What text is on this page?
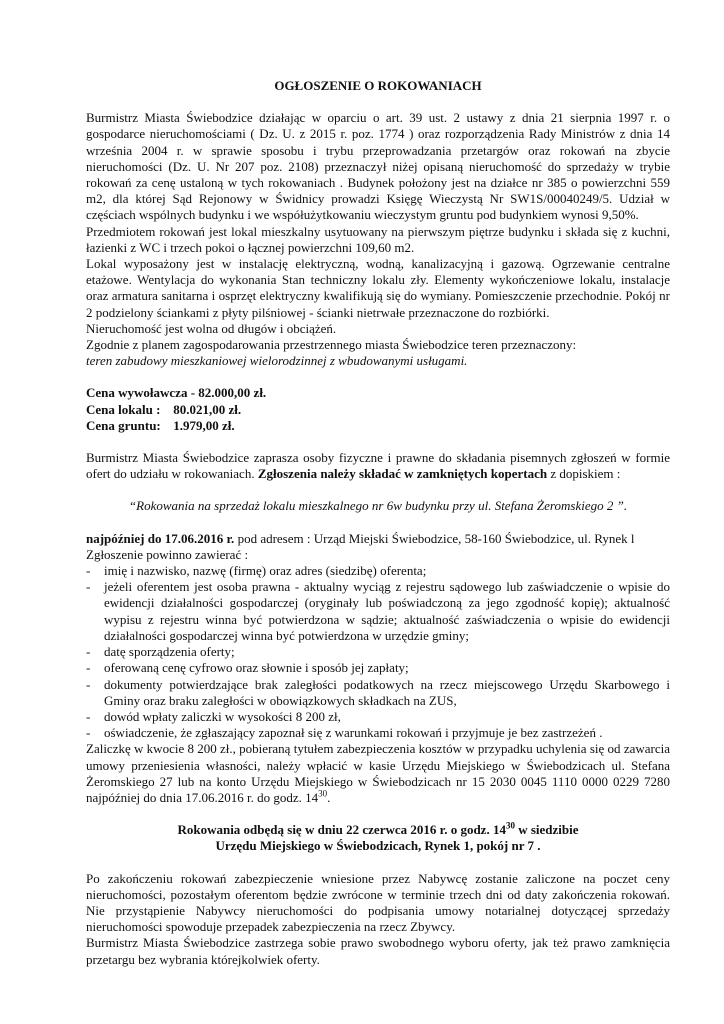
OGŁOSZENIE O ROKOWANIACH

Burmistrz Miasta Świebodzice działając w oparciu o art. 39 ust. 2 ustawy z dnia 21 sierpnia 1997 r. o gospodarce nieruchomościami ( Dz. U. z 2015 r. poz. 1774 ) oraz rozporządzenia Rady Ministrów z dnia 14 września 2004 r. w sprawie sposobu i trybu przeprowadzania przetargów oraz rokowań na zbycie nieruchomości (Dz. U. Nr 207 poz. 2108) przeznaczył niżej opisaną nieruchomość do sprzedaży w trybie rokowań za cenę ustaloną w tych rokowaniach . Budynek położony jest na działce nr 385 o powierzchni 559 m2, dla której Sąd Rejonowy w Świdnicy prowadzi Księgę Wieczystą Nr SW1S/00040249/5. Udział w częściach wspólnych budynku i we współużytkowaniu wieczystym gruntu pod budynkiem wynosi 9,50%.

Przedmiotem rokowań jest lokal mieszkalny usytuowany na pierwszym piętrze budynku i składa się z kuchni, łazienki z WC i trzech pokoi o łącznej powierzchni 109,60 m2.

Lokal wyposażony jest w instalację elektryczną, wodną, kanalizacyjną i gazową. Ogrzewanie centralne etażowe. Wentylacja do wykonania Stan techniczny lokalu zły. Elementy wykończeniowe lokalu, instalacje oraz armatura sanitarna i osprzęt elektryczny kwalifikują się do wymiany. Pomieszczenie przechodnie. Pokój nr 2 podzielony ściankami z płyty pilśniowej - ścianki nietrwałe przeznaczone do rozbiórki.

Nieruchomość jest wolna od długów i obciążeń.

Zgodnie z planem zagospodarowania przestrzennego miasta Świebodzice teren przeznaczony:

teren zabudowy mieszkaniowej wielorodzinnej z wbudowanymi usługami.

Cena wywoławcza - 82.000,00 zł.
Cena lokalu : 80.021,00 zł.
Cena gruntu: 1.979,00 zł.

Burmistrz Miasta Świebodzice zaprasza osoby fizyczne i prawne do składania pisemnych zgłoszeń w formie ofert do udziału w rokowaniach. Zgłoszenia należy składać w zamkniętych kopertach z dopiskiem :

“Rokowania na sprzedaż lokalu mieszkalnego nr 6w budynku przy ul. Stefana Żeromskiego 2 ”.

najpóźniej do 17.06.2016 r. pod adresem : Urząd Miejski Świebodzice, 58-160 Świebodzice, ul. Rynek l

Zgłoszenie powinno zawierać :

- imię i nazwisko, nazwę (firmę) oraz adres (siedzibę) oferenta;
- jeżeli oferentem jest osoba prawna - aktualny wyciąg z rejestru sądowego lub zaświadczenie o wpisie do ewidencji działalności gospodarczej (oryginały lub poświadczoną za jego zgodność kopię); aktualność wypisu z rejestru winna być potwierdzona w sądzie; aktualność zaświadczenia o wpisie do ewidencji działalności gospodarczej winna być potwierdzona w urzędzie gminy;
- datę sporządzenia oferty;
- oferowaną cenę cyfrowo oraz słownie i sposób jej zapłaty;
- dokumenty potwierdzające brak zaległości podatkowych na rzecz miejscowego Urzędu Skarbowego i Gminy oraz braku zaległości w obowiązkowych składkach na ZUS,
- dowód wpłaty zaliczki w wysokości 8 200 zł,
- oświadczenie, że zgłaszający zapoznał się z warunkami rokowań i przyjmuje je bez zastrzeżeń .

Zaliczkę w kwocie 8 200 zł., pobieraną tytułem zabezpieczenia kosztów w przypadku uchylenia się od zawarcia umowy przeniesienia własności, należy wpłacić w kasie Urzędu Miejskiego w Świebodzicach ul. Stefana Żeromskiego 27 lub na konto Urzędu Miejskiego w Świebodzicach nr 15 2030 0045 1110 0000 0229 7280 najpóźniej do dnia 17.06.2016 r. do godz. $14^{30}$.

Rokowania odbędą się w dniu 22 czerwca 2016 r. o godz. $14^{30}$ w siedzibie
Urzędu Miejskiego w Świebodzicach, Rynek 1, pokój nr 7 .

Po zakończeniu rokowań zabezpieczenie wniesione przez Nabywcę zostanie zaliczone na poczet ceny nieruchomości, pozostałym oferentom będzie zwrócone w terminie trzech dni od daty zakończenia rokowań. Nie przystąpienie Nabywcy nieruchomości do podpisania umowy notarialnej dotyczącej sprzedaży nieruchomości spowoduje przepadek zabezpieczenia na rzecz Zbywcy.

Burmistrz Miasta Świebodzice zastrzega sobie prawo swobodnego wyboru oferty, jak też prawo zamknięcia przetargu bez wybrania którejkolwiek oferty.
